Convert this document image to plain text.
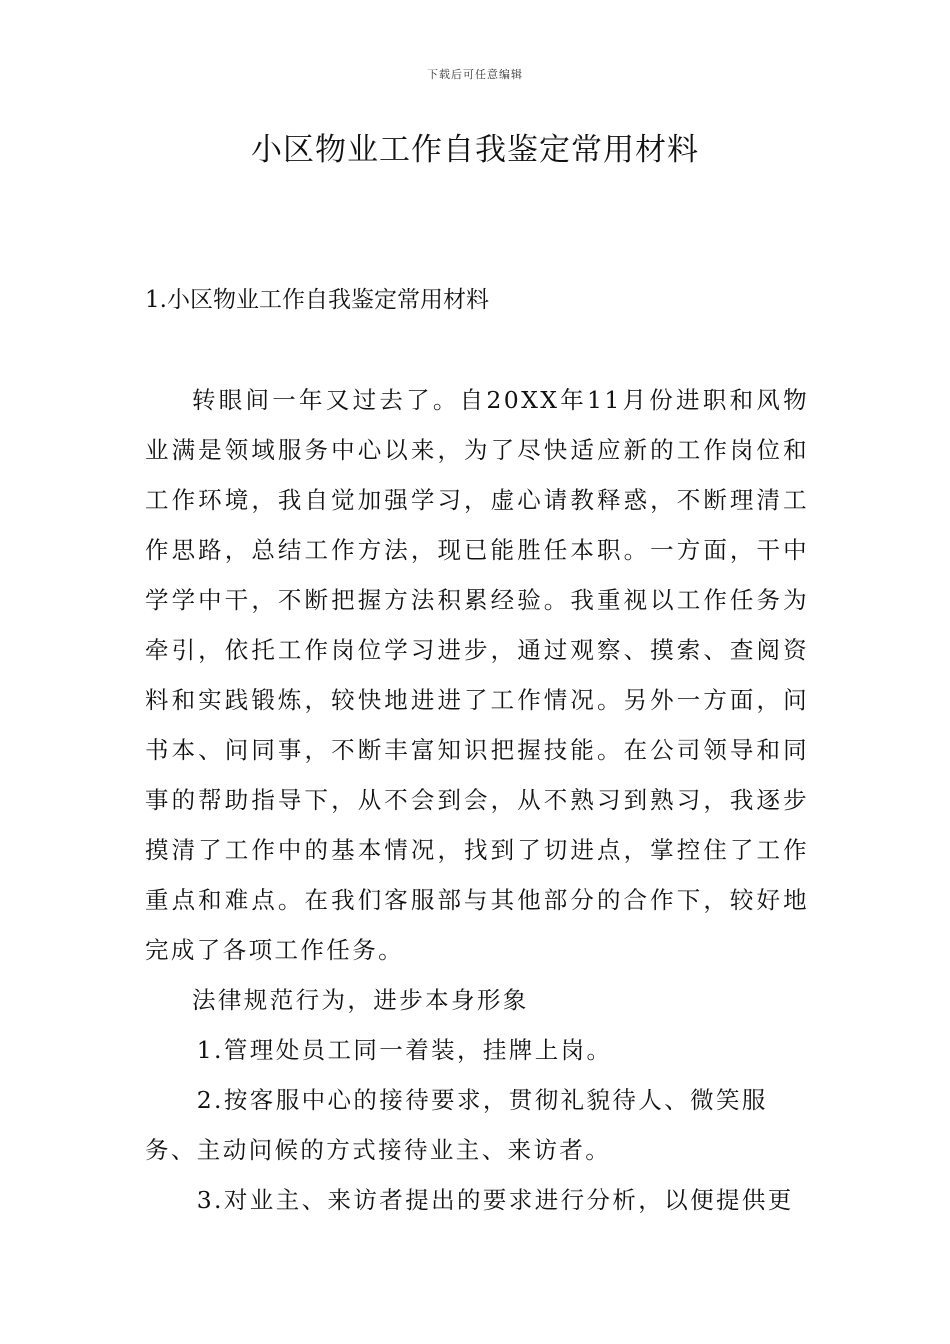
下载后可任意编辑
小区物业工作自我鉴定常用材料
1.小区物业工作自我鉴定常用材料

转眼间一年又过去了。自20XX年11月份进职和风物业满是领域服务中心以来，为了尽快适应新的工作岗位和工作环境，我自觉加强学习，虚心请教释惑，不断理清工作思路，总结工作方法，现已能胜任本职。一方面，干中学学中干，不断把握方法积累经验。我重视以工作任务为牵引，依托工作岗位学习进步，通过观察、摸索、查阅资料和实践锻炼，较快地进进了工作情况。另外一方面，问书本、问同事，不断丰富知识把握技能。在公司领导和同事的帮助指导下，从不会到会，从不熟习到熟习，我逐步摸清了工作中的基本情况，找到了切进点，掌控住了工作重点和难点。在我们客服部与其他部分的合作下，较好地完成了各项工作任务。

法律规范行为，进步本身形象

1.管理处员工同一着装，挂牌上岗。

2.按客服中心的接待要求，贯彻礼貌待人、微笑服务、主动问候的方式接待业主、来访者。

3.对业主、来访者提出的要求进行分析，以便提供更
